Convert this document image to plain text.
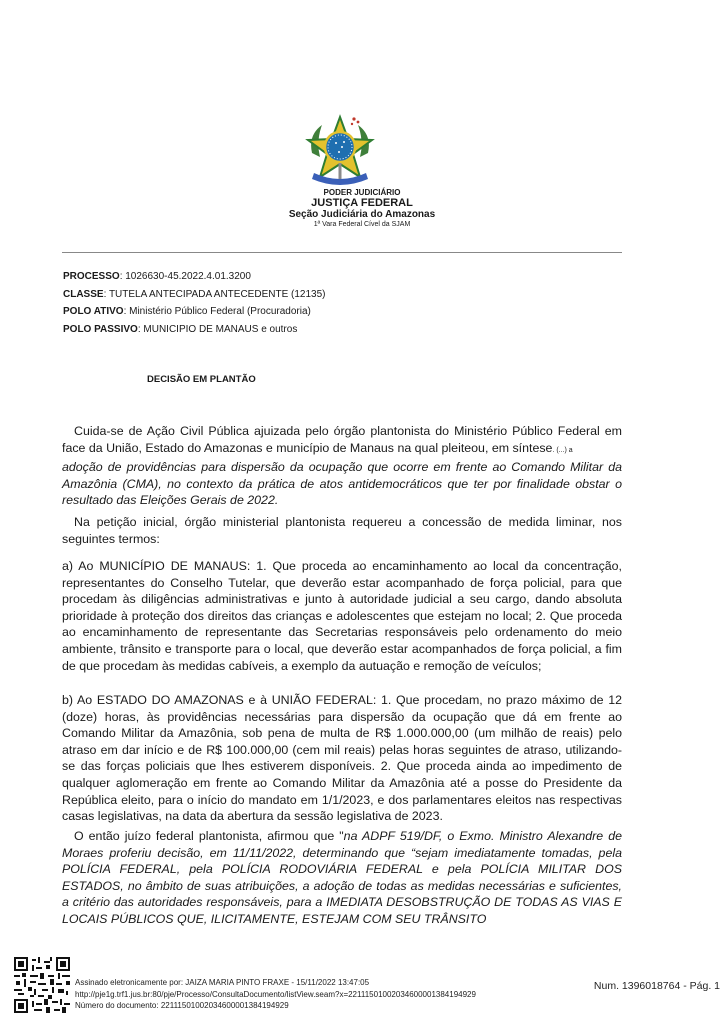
PODER JUDICIÁRIO
JUSTIÇA FEDERAL
Seção Judiciária do Amazonas
1ª Vara Federal Cível da SJAM
PROCESSO: 1026630-45.2022.4.01.3200
CLASSE: TUTELA ANTECIPADA ANTECEDENTE (12135)
POLO ATIVO: Ministério Público Federal (Procuradoria)
POLO PASSIVO: MUNICIPIO DE MANAUS e outros
DECISÃO EM PLANTÃO

Cuida-se de Ação Civil Pública ajuizada pelo órgão plantonista do Ministério Público Federal em face da União, Estado do Amazonas e município de Manaus na qual pleiteou, em síntese. (...) a
adoção de providências para dispersão da ocupação que ocorre em frente ao Comando Militar da Amazônia (CMA), no contexto da prática de atos antidemocráticos que ter por finalidade obstar o resultado das Eleições Gerais de 2022.

Na petição inicial, órgão ministerial plantonista requereu a concessão de medida liminar, nos seguintes termos:

a) Ao MUNICÍPIO DE MANAUS: 1. Que proceda ao encaminhamento ao local da concentração, representantes do Conselho Tutelar, que deverão estar acompanhado de força policial, para que procedam às diligências administrativas e junto à autoridade judicial a seu cargo, dando absoluta prioridade à proteção dos direitos das crianças e adolescentes que estejam no local; 2. Que proceda ao encaminhamento de representante das Secretarias responsáveis pelo ordenamento do meio ambiente, trânsito e transporte para o local, que deverão estar acompanhados de força policial, a fim de que procedam às medidas cabíveis, a exemplo da autuação e remoção de veículos;

b) Ao ESTADO DO AMAZONAS e à UNIÃO FEDERAL: 1. Que procedam, no prazo máximo de 12 (doze) horas, às providências necessárias para dispersão da ocupação que dá em frente ao Comando Militar da Amazônia, sob pena de multa de R$ 1.000.000,00 (um milhão de reais) pelo atraso em dar início e de R$ 100.000,00 (cem mil reais) pelas horas seguintes de atraso, utilizando-se das forças policiais que lhes estiverem disponíveis. 2. Que proceda ainda ao impedimento de qualquer aglomeração em frente ao Comando Militar da Amazônia até a posse do Presidente da República eleito, para o início do mandato em 1/1/2023, e dos parlamentares eleitos nas respectivas casas legislativas, na data da abertura da sessão legislativa de 2023.

O então juízo federal plantonista, afirmou que "na ADPF 519/DF, o Exmo. Ministro Alexandre de Moraes proferiu decisão, em 11/11/2022, determinando que “sejam imediatamente tomadas, pela POLÍCIA FEDERAL, pela POLÍCIA RODOVIÁRIA FEDERAL e pela POLÍCIA MILITAR DOS ESTADOS, no âmbito de suas atribuições, a adoção de todas as medidas necessárias e suficientes, a critério das autoridades responsáveis, para a IMEDIATA DESOBSTRUÇÃO DE TODAS AS VIAS E LOCAIS PÚBLICOS QUE, ILICITAMENTE, ESTEJAM COM SEU TRÂNSITO

Assinado eletronicamente por: JAIZA MARIA PINTO FRAXE - 15/11/2022 13:47:05
http://pje1g.trf1.jus.br:80/pje/Processo/ConsultaDocumento/listView.seam?x=22111501002034600001384194929
Número do documento: 22111501002034600001384194929
Num. 1396018764 - Pág. 1
